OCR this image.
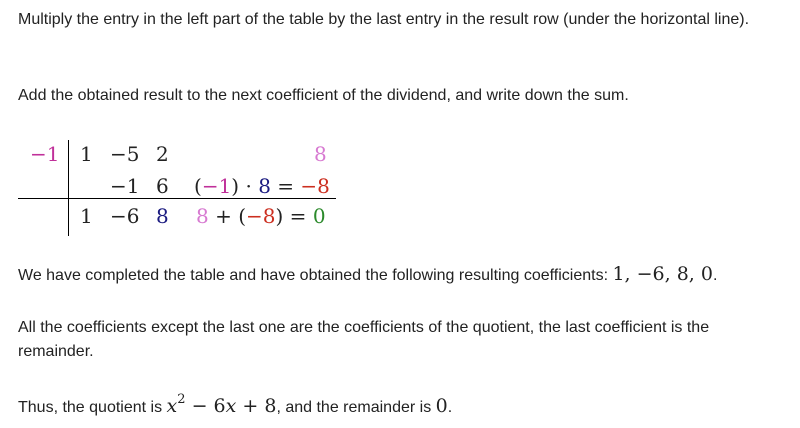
Multiply the entry in the left part of the table by the last entry in the result row (under the horizontal line).

Add the obtained result to the next coefficient of the dividend, and write down the sum.

−1 1 −5 2	8
−1 6 (−1) · 8 = −8
1 −6 8 8 + (−8) = 0

We have completed the table and have obtained the following resulting coefficients: 1, −6, 8, 0.

All the coefficients except the last one are the coefficients of the quotient, the last coefficient is the remainder.

Thus, the quotient is $x^2 - 6x + 8$, and the remainder is 0.
